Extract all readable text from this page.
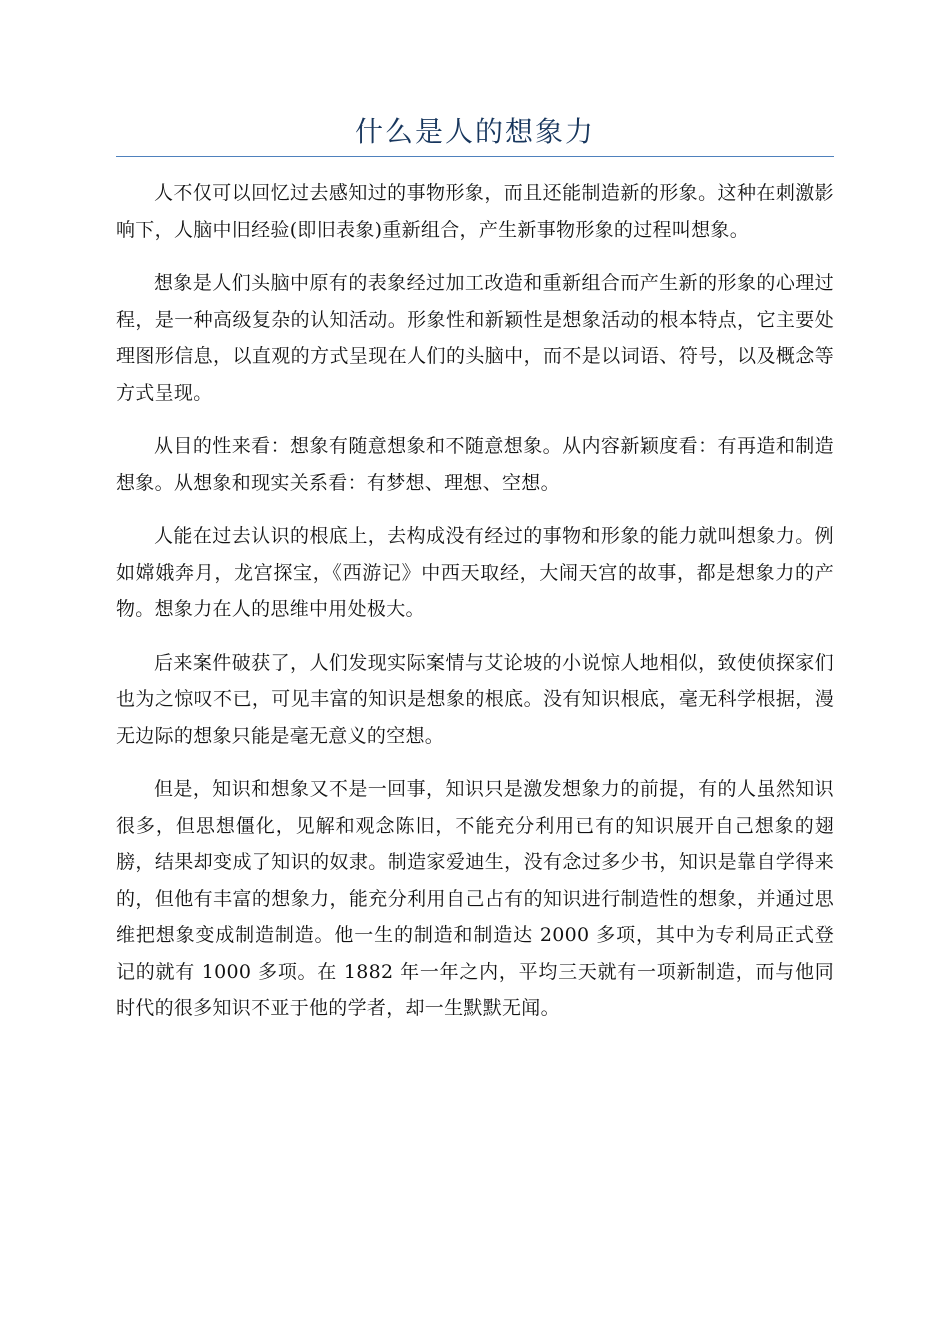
什么是人的想象力

人不仅可以回忆过去感知过的事物形象，而且还能制造新的形象。这种在刺激影响下，人脑中旧经验(即旧表象)重新组合，产生新事物形象的过程叫想象。

想象是人们头脑中原有的表象经过加工改造和重新组合而产生新的形象的心理过程，是一种高级复杂的认知活动。形象性和新颖性是想象活动的根本特点，它主要处理图形信息，以直观的方式呈现在人们的头脑中，而不是以词语、符号，以及概念等方式呈现。

从目的性来看：想象有随意想象和不随意想象。从内容新颖度看：有再造和制造想象。从想象和现实关系看：有梦想、理想、空想。

人能在过去认识的根底上，去构成没有经过的事物和形象的能力就叫想象力。例如嫦娥奔月，龙宫探宝，《西游记》中西天取经，大闹天宫的故事，都是想象力的产物。想象力在人的思维中用处极大。

后来案件破获了，人们发现实际案情与艾论坡的小说惊人地相似，致使侦探家们也为之惊叹不已，可见丰富的知识是想象的根底。没有知识根底，毫无科学根据，漫无边际的想象只能是毫无意义的空想。

但是，知识和想象又不是一回事，知识只是激发想象力的前提，有的人虽然知识很多，但思想僵化，见解和观念陈旧，不能充分利用已有的知识展开自己想象的翅膀，结果却变成了知识的奴隶。制造家爱迪生，没有念过多少书，知识是靠自学得来的，但他有丰富的想象力，能充分利用自己占有的知识进行制造性的想象，并通过思维把想象变成制造制造。他一生的制造和制造达 2000 多项，其中为专利局正式登记的就有 1000 多项。在 1882 年一年之内，平均三天就有一项新制造，而与他同时代的很多知识不亚于他的学者，却一生默默无闻。
